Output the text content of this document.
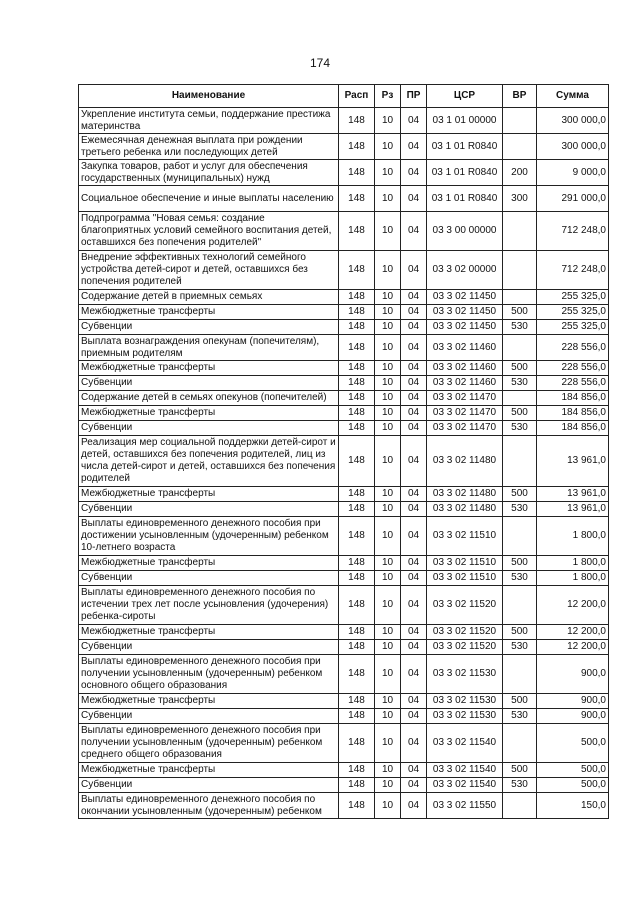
174
Наименование	Расп	Рз	ПР	ЦСР	ВР	Сумма
Укрепление института семьи, поддержание престижа материнства	148	10	04	03 1 01 00000		300 000,0
Ежемесячная денежная выплата при рождении третьего ребенка или последующих детей	148	10	04	03 1 01 R0840		300 000,0
Закупка товаров, работ и услуг для обеспечения государственных (муниципальных) нужд	148	10	04	03 1 01 R0840	200	9 000,0
Социальное обеспечение и иные выплаты населению	148	10	04	03 1 01 R0840	300	291 000,0
Подпрограмма "Новая семья: создание благоприятных условий семейного воспитания детей, оставшихся без попечения родителей"	148	10	04	03 3 00 00000		712 248,0
Внедрение эффективных технологий семейного устройства детей-сирот и детей, оставшихся без попечения родителей	148	10	04	03 3 02 00000		712 248,0
Содержание детей в приемных семьях	148	10	04	03 3 02 11450		255 325,0
Межбюджетные трансферты	148	10	04	03 3 02 11450	500	255 325,0
Субвенции	148	10	04	03 3 02 11450	530	255 325,0
Выплата вознаграждения опекунам (попечителям), приемным родителям	148	10	04	03 3 02 11460		228 556,0
Межбюджетные трансферты	148	10	04	03 3 02 11460	500	228 556,0
Субвенции	148	10	04	03 3 02 11460	530	228 556,0
Содержание детей в семьях опекунов (попечителей)	148	10	04	03 3 02 11470		184 856,0
Межбюджетные трансферты	148	10	04	03 3 02 11470	500	184 856,0
Субвенции	148	10	04	03 3 02 11470	530	184 856,0
Реализация мер социальной поддержки детей-сирот и детей, оставшихся без попечения родителей, лиц из числа детей-сирот и детей, оставшихся без попечения родителей	148	10	04	03 3 02 11480		13 961,0
Межбюджетные трансферты	148	10	04	03 3 02 11480	500	13 961,0
Субвенции	148	10	04	03 3 02 11480	530	13 961,0
Выплаты единовременного денежного пособия при достижении усыновленным (удочеренным) ребенком 10-летнего возраста	148	10	04	03 3 02 11510		1 800,0
Межбюджетные трансферты	148	10	04	03 3 02 11510	500	1 800,0
Субвенции	148	10	04	03 3 02 11510	530	1 800,0
Выплаты единовременного денежного пособия по истечении трех лет после усыновления (удочерения) ребенка-сироты	148	10	04	03 3 02 11520		12 200,0
Межбюджетные трансферты	148	10	04	03 3 02 11520	500	12 200,0
Субвенции	148	10	04	03 3 02 11520	530	12 200,0
Выплаты единовременного денежного пособия при получении усыновленным (удочеренным) ребенком основного общего образования	148	10	04	03 3 02 11530		900,0
Межбюджетные трансферты	148	10	04	03 3 02 11530	500	900,0
Субвенции	148	10	04	03 3 02 11530	530	900,0
Выплаты единовременного денежного пособия при получении усыновленным (удочеренным) ребенком среднего общего образования	148	10	04	03 3 02 11540		500,0
Межбюджетные трансферты	148	10	04	03 3 02 11540	500	500,0
Субвенции	148	10	04	03 3 02 11540	530	500,0
Выплаты единовременного денежного пособия по окончании усыновленным (удочеренным) ребенком	148	10	04	03 3 02 11550		150,0
